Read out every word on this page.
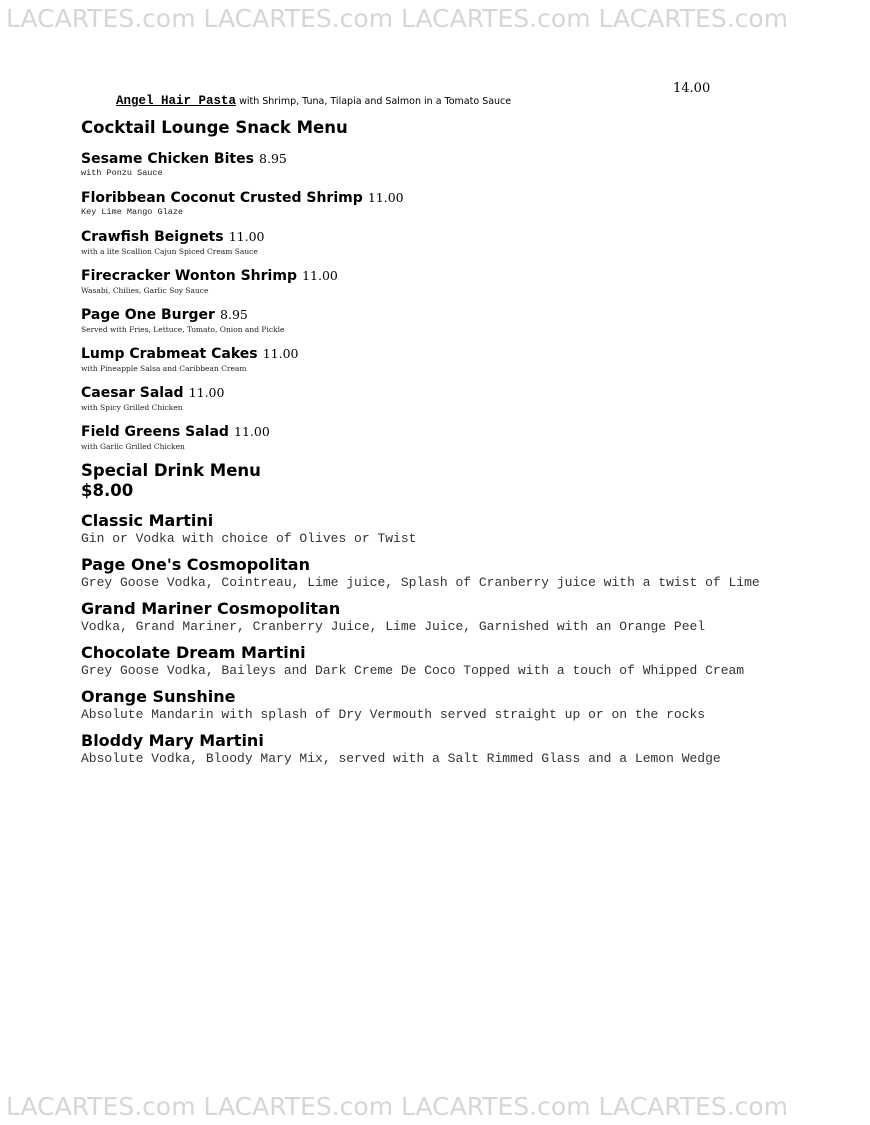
LACARTES.com LACARTES.com LACARTES.com LACARTES.com
14.00
Angel Hair Pasta with Shrimp, Tuna, Tilapia and Salmon in a Tomato Sauce
Cocktail Lounge Snack Menu
Sesame Chicken Bites 8.95
with Ponzu Sauce
Floribbean Coconut Crusted Shrimp 11.00
Key Lime Mango Glaze
Crawfish Beignets 11.00
with a lite Scallion Cajun Spiced Cream Sauce
Firecracker Wonton Shrimp 11.00
Wasabi, Chilies, Garlic Soy Sauce
Page One Burger 8.95
Served with Fries, Lettuce, Tomato, Onion and Pickle
Lump Crabmeat Cakes 11.00
with Pineapple Salsa and Caribbean Cream
Caesar Salad 11.00
with Spicy Grilled Chicken
Field Greens Salad 11.00
with Garlic Grilled Chicken
Special Drink Menu
$8.00
Classic Martini
Gin or Vodka with choice of Olives or Twist
Page One's Cosmopolitan
Grey Goose Vodka, Cointreau, Lime juice, Splash of Cranberry juice with a twist of Lime
Grand Mariner Cosmopolitan
Vodka, Grand Mariner, Cranberry Juice, Lime Juice, Garnished with an Orange Peel
Chocolate Dream Martini
Grey Goose Vodka, Baileys and Dark Creme De Coco Topped with a touch of Whipped Cream
Orange Sunshine
Absolute Mandarin with splash of Dry Vermouth served straight up or on the rocks
Bloddy Mary Martini
Absolute Vodka, Bloody Mary Mix, served with a Salt Rimmed Glass and a Lemon Wedge
LACARTES.com LACARTES.com LACARTES.com LACARTES.com
